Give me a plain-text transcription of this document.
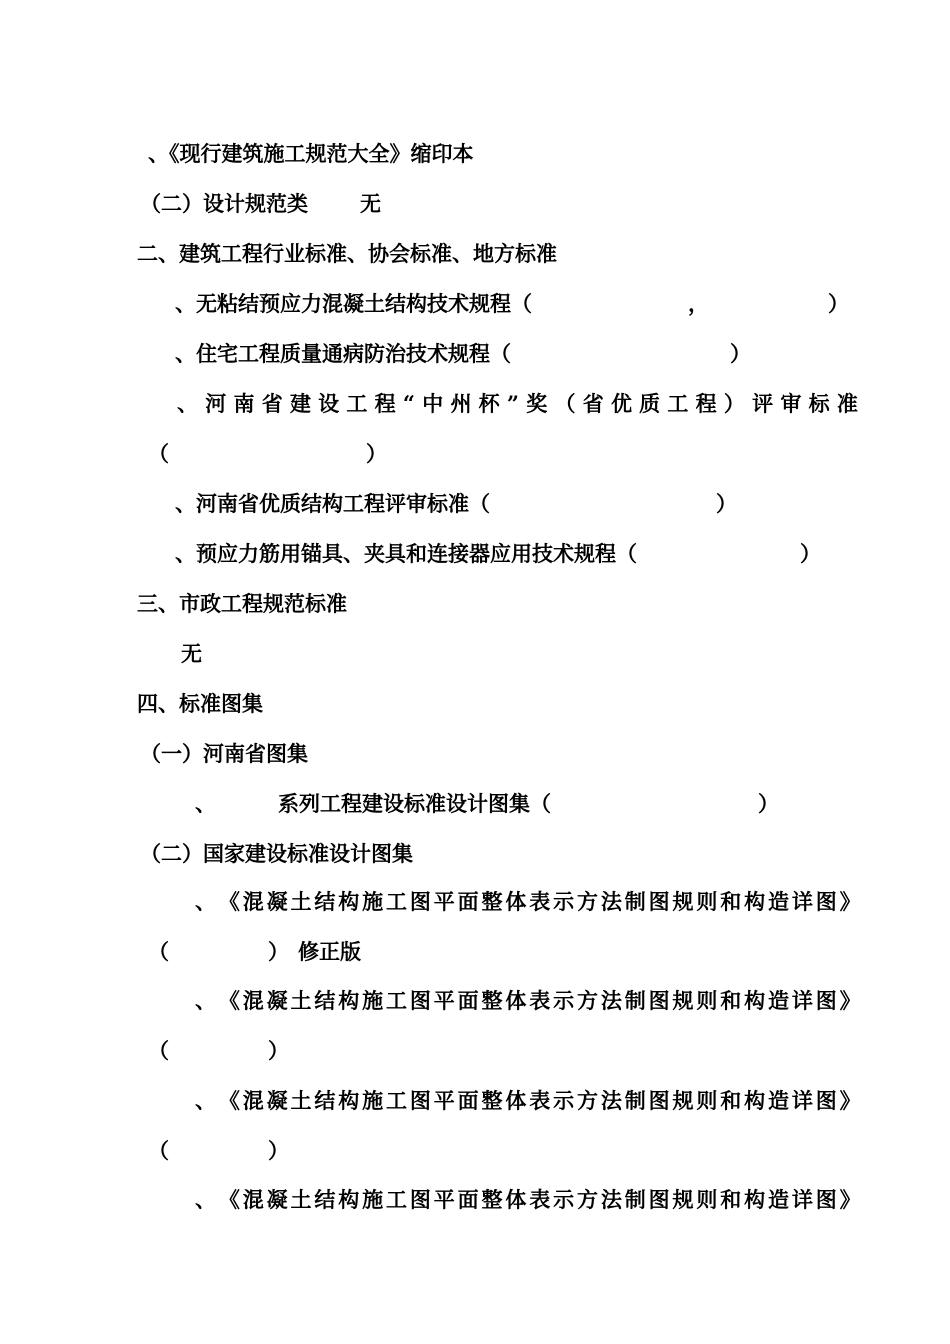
、《现行建筑施工规范大全》缩印本
（二）设计规范类 无
二、建筑工程行业标准、协会标准、地方标准
、无粘结预应力混凝土结构技术规程（	，	）
、住宅工程质量通病防治技术规程（	）
、 河 南 省 建 设 工 程 “ 中 州 杯 ” 奖 （ 省 优 质 工 程 ） 评 审 标 准
（	）
、河南省优质结构工程评审标准（	）
、预应力筋用锚具、夹具和连接器应用技术规程（	）
三、市政工程规范标准
无
四、标准图集
（一）河南省图集
、	系列工程建设标准设计图集（	）
（二）国家建设标准设计图集
、 《 混 凝 土 结 构 施 工 图 平 面 整 体 表 示 方 法 制 图 规 则 和 构 造 详 图 》
（	） 修正版
、 《 混 凝 土 结 构 施 工 图 平 面 整 体 表 示 方 法 制 图 规 则 和 构 造 详 图 》
（	）
、 《 混 凝 土 结 构 施 工 图 平 面 整 体 表 示 方 法 制 图 规 则 和 构 造 详 图 》
（	）
、 《 混 凝 土 结 构 施 工 图 平 面 整 体 表 示 方 法 制 图 规 则 和 构 造 详 图 》
